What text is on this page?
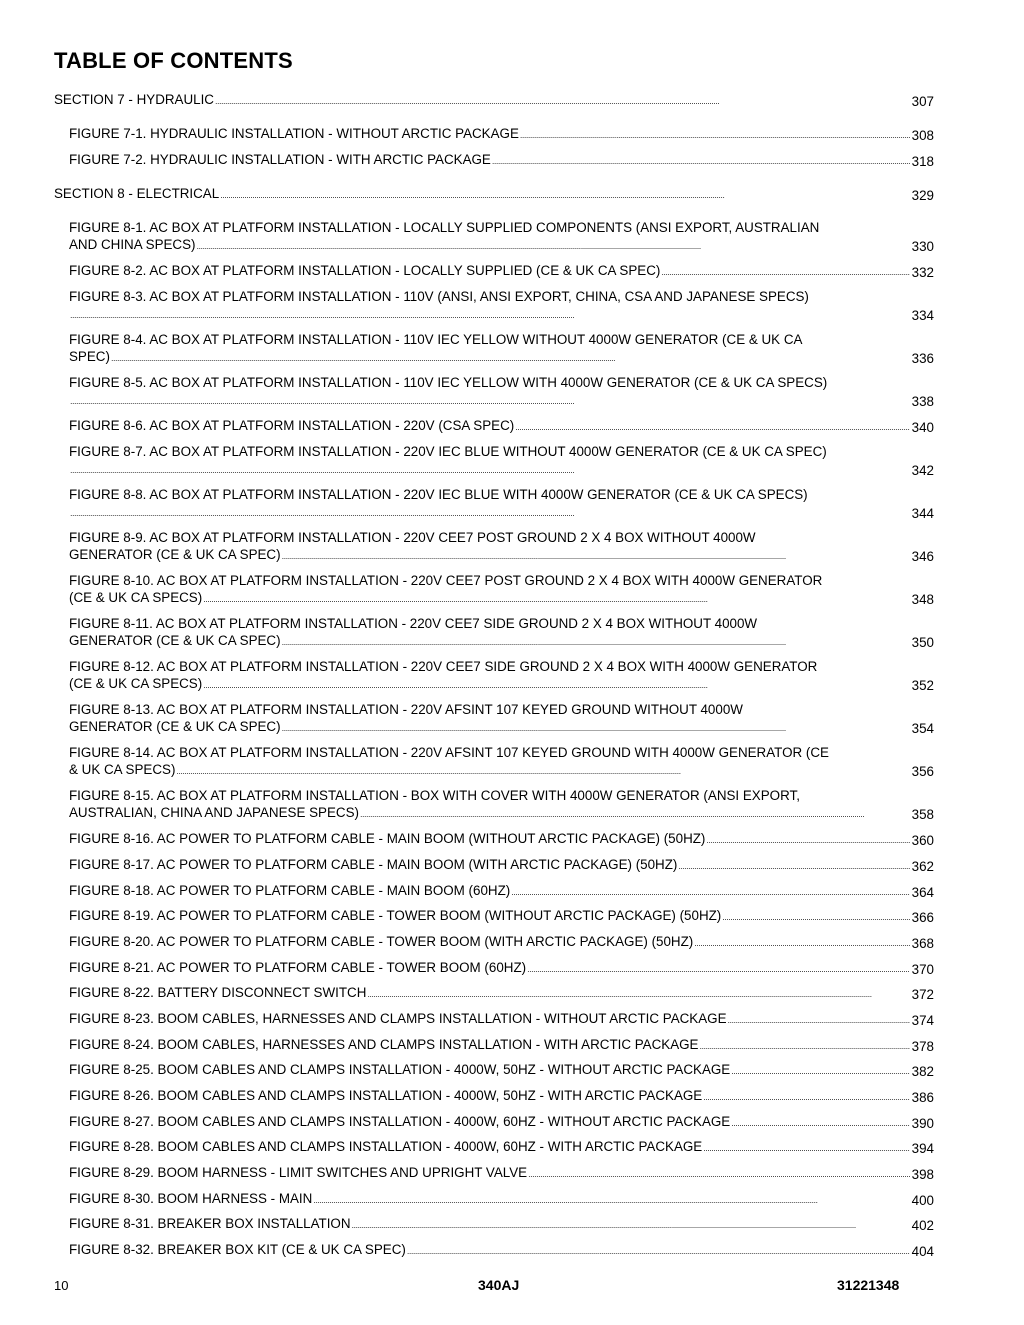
TABLE OF CONTENTS
SECTION 7 - HYDRAULIC	307
. . .
FIGURE 7-1. HYDRAULIC INSTALLATION - WITHOUT ARCTIC PACKAGE	308
. . .
FIGURE 7-2. HYDRAULIC INSTALLATION - WITH ARCTIC PACKAGE	318
. . .
SECTION 8 - ELECTRICAL	329
. . .
FIGURE 8-1. AC BOX AT PLATFORM INSTALLATION - LOCALLY SUPPLIED COMPONENTS (ANSI EXPORT, AUSTRALIAN
AND CHINA SPECS)	330
. . .
FIGURE 8-2. AC BOX AT PLATFORM INSTALLATION - LOCALLY SUPPLIED (CE & UK CA SPEC)	332
. . .
FIGURE 8-3. AC BOX AT PLATFORM INSTALLATION - 110V (ANSI, ANSI EXPORT, CHINA, CSA AND JAPANESE SPECS)
334
. . .
FIGURE 8-4. AC BOX AT PLATFORM INSTALLATION - 110V IEC YELLOW WITHOUT 4000W GENERATOR (CE & UK CA
SPEC)	336
. . .
FIGURE 8-5. AC BOX AT PLATFORM INSTALLATION - 110V IEC YELLOW WITH 4000W GENERATOR (CE & UK CA SPECS)
338
. . .
FIGURE 8-6. AC BOX AT PLATFORM INSTALLATION - 220V (CSA SPEC)	340
. . .
FIGURE 8-7. AC BOX AT PLATFORM INSTALLATION - 220V IEC BLUE WITHOUT 4000W GENERATOR (CE & UK CA SPEC)
342
. . .
FIGURE 8-8. AC BOX AT PLATFORM INSTALLATION - 220V IEC BLUE WITH 4000W GENERATOR (CE & UK CA SPECS)
344
. . .
FIGURE 8-9. AC BOX AT PLATFORM INSTALLATION - 220V CEE7 POST GROUND 2 X 4 BOX WITHOUT 4000W
GENERATOR (CE & UK CA SPEC)	346
. . .
FIGURE 8-10. AC BOX AT PLATFORM INSTALLATION - 220V CEE7 POST GROUND 2 X 4 BOX WITH 4000W GENERATOR
(CE & UK CA SPECS)	348
. . .
FIGURE 8-11. AC BOX AT PLATFORM INSTALLATION - 220V CEE7 SIDE GROUND 2 X 4 BOX WITHOUT 4000W
GENERATOR (CE & UK CA SPEC)	350
. . .
FIGURE 8-12. AC BOX AT PLATFORM INSTALLATION - 220V CEE7 SIDE GROUND 2 X 4 BOX WITH 4000W GENERATOR
(CE & UK CA SPECS)	352
. . .
FIGURE 8-13. AC BOX AT PLATFORM INSTALLATION - 220V AFSINT 107 KEYED GROUND WITHOUT 4000W
GENERATOR (CE & UK CA SPEC)	354
. . .
FIGURE 8-14. AC BOX AT PLATFORM INSTALLATION - 220V AFSINT 107 KEYED GROUND WITH 4000W GENERATOR (CE
& UK CA SPECS)	356
. . .
FIGURE 8-15. AC BOX AT PLATFORM INSTALLATION - BOX WITH COVER WITH 4000W GENERATOR (ANSI EXPORT,
AUSTRALIAN, CHINA AND JAPANESE SPECS)	358
. . .
FIGURE 8-16. AC POWER TO PLATFORM CABLE - MAIN BOOM (WITHOUT ARCTIC PACKAGE) (50HZ)	360
. . .
FIGURE 8-17. AC POWER TO PLATFORM CABLE - MAIN BOOM (WITH ARCTIC PACKAGE) (50HZ)	362
. . .
FIGURE 8-18. AC POWER TO PLATFORM CABLE - MAIN BOOM (60HZ)	364
. . .
FIGURE 8-19. AC POWER TO PLATFORM CABLE - TOWER BOOM (WITHOUT ARCTIC PACKAGE) (50HZ)	366
. . .
FIGURE 8-20. AC POWER TO PLATFORM CABLE - TOWER BOOM (WITH ARCTIC PACKAGE) (50HZ)	368
. . .
FIGURE 8-21. AC POWER TO PLATFORM CABLE - TOWER BOOM (60HZ)	370
. . .
FIGURE 8-22. BATTERY DISCONNECT SWITCH	372
. . .
FIGURE 8-23. BOOM CABLES, HARNESSES AND CLAMPS INSTALLATION - WITHOUT ARCTIC PACKAGE	374
. . .
FIGURE 8-24. BOOM CABLES, HARNESSES AND CLAMPS INSTALLATION - WITH ARCTIC PACKAGE	378
. . .
FIGURE 8-25. BOOM CABLES AND CLAMPS INSTALLATION - 4000W, 50HZ - WITHOUT ARCTIC PACKAGE	382
. . .
FIGURE 8-26. BOOM CABLES AND CLAMPS INSTALLATION - 4000W, 50HZ - WITH ARCTIC PACKAGE	386
. . .
FIGURE 8-27. BOOM CABLES AND CLAMPS INSTALLATION - 4000W, 60HZ - WITHOUT ARCTIC PACKAGE	390
. . .
FIGURE 8-28. BOOM CABLES AND CLAMPS INSTALLATION - 4000W, 60HZ - WITH ARCTIC PACKAGE	394
. . .
FIGURE 8-29. BOOM HARNESS - LIMIT SWITCHES AND UPRIGHT VALVE	398
. . .
FIGURE 8-30. BOOM HARNESS - MAIN	400
. . .
FIGURE 8-31. BREAKER BOX INSTALLATION	402
. . .
FIGURE 8-32. BREAKER BOX KIT (CE & UK CA SPEC)	404
. . .
10	340AJ	31221348
